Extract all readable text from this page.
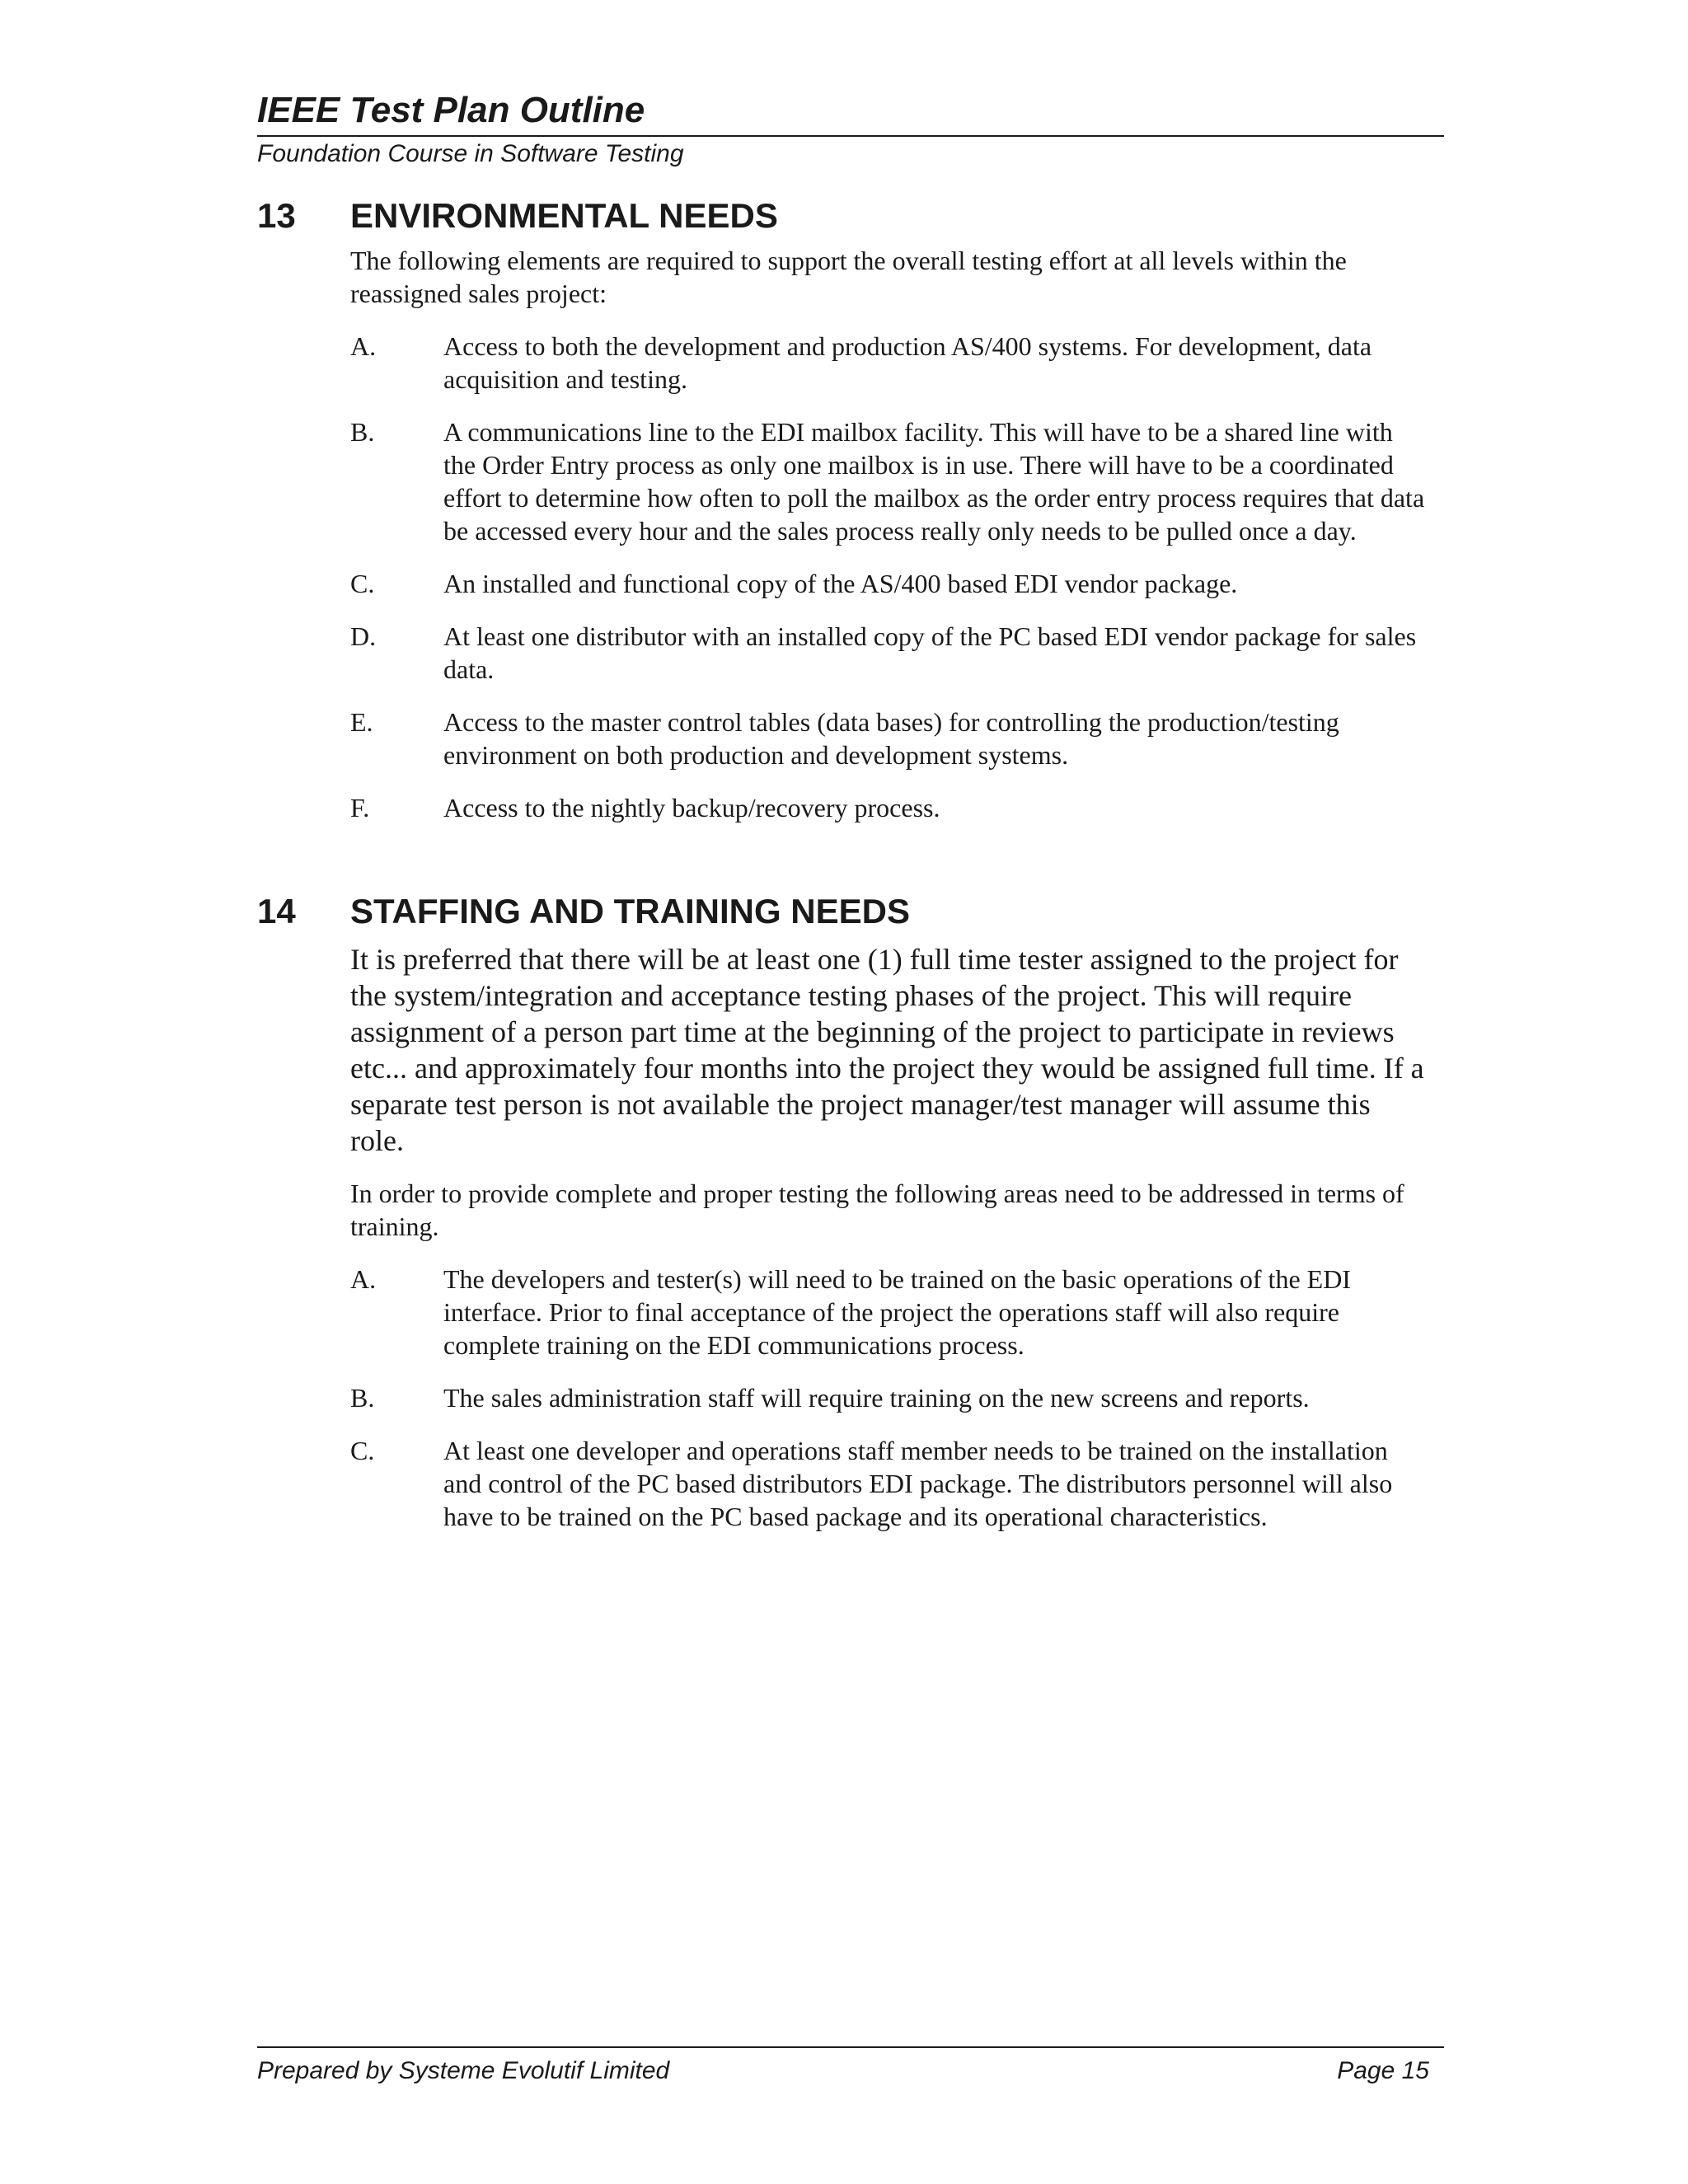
IEEE Test Plan Outline
Foundation Course in Software Testing
13	ENVIRONMENTAL NEEDS

The following elements are required to support the overall testing effort at all levels within the reassigned sales project:

A.	Access to both the development and production AS/400 systems. For development, data acquisition and testing.
B.	A communications line to the EDI mailbox facility. This will have to be a shared line with the Order Entry process as only one mailbox is in use. There will have to be a coordinated effort to determine how often to poll the mailbox as the order entry process requires that data be accessed every hour and the sales process really only needs to be pulled once a day.
C.	An installed and functional copy of the AS/400 based EDI vendor package.
D.	At least one distributor with an installed copy of the PC based EDI vendor package for sales data.
E.	Access to the master control tables (data bases) for controlling the production/testing environment on both production and development systems.
F.	Access to the nightly backup/recovery process.
14	STAFFING AND TRAINING NEEDS

It is preferred that there will be at least one (1) full time tester assigned to the project for the system/integration and acceptance testing phases of the project. This will require assignment of a person part time at the beginning of the project to participate in reviews etc... and approximately four months into the project they would be assigned full time. If a separate test person is not available the project manager/test manager will assume this role.

In order to provide complete and proper testing the following areas need to be addressed in terms of training.

A.	The developers and tester(s) will need to be trained on the basic operations of the EDI interface. Prior to final acceptance of the project the operations staff will also require complete training on the EDI communications process.
B.	The sales administration staff will require training on the new screens and reports.
C.	At least one developer and operations staff member needs to be trained on the installation and control of the PC based distributors EDI package. The distributors personnel will also have to be trained on the PC based package and its operational characteristics.
Prepared by Systeme Evolutif Limited	Page 15
